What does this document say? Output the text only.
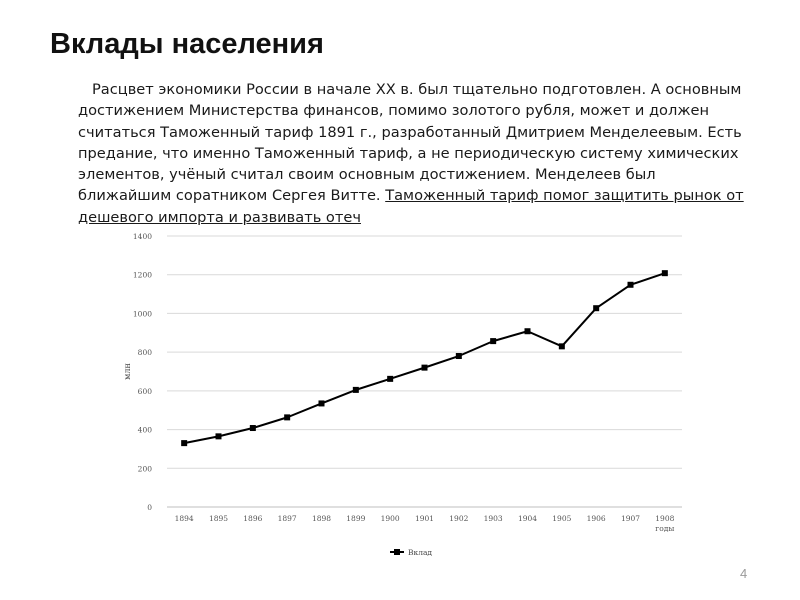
Вклады населения

Расцвет экономики России в начале XX в. был тщательно подготовлен. А основным достижением Министерства финансов, помимо золотого рубля, может и должен считаться Таможенный тариф 1891 г., разработанный Дмитрием Менделеевым. Есть предание, что именно Таможенный тариф, а не периодическую систему химических элементов, учёный считал своим основным достижением. Менделеев был ближайшим соратником Сергея Витте. Таможенный тариф помог защитить рынок от дешевого импорта и развивать отеч

0
200
400
600
800
1000
1200
1400
1894 1895 1896 1897 1898 1899 1900 1901 1902 1903 1904 1905 1906 1907 1908
годы
млн
Вклад

4
